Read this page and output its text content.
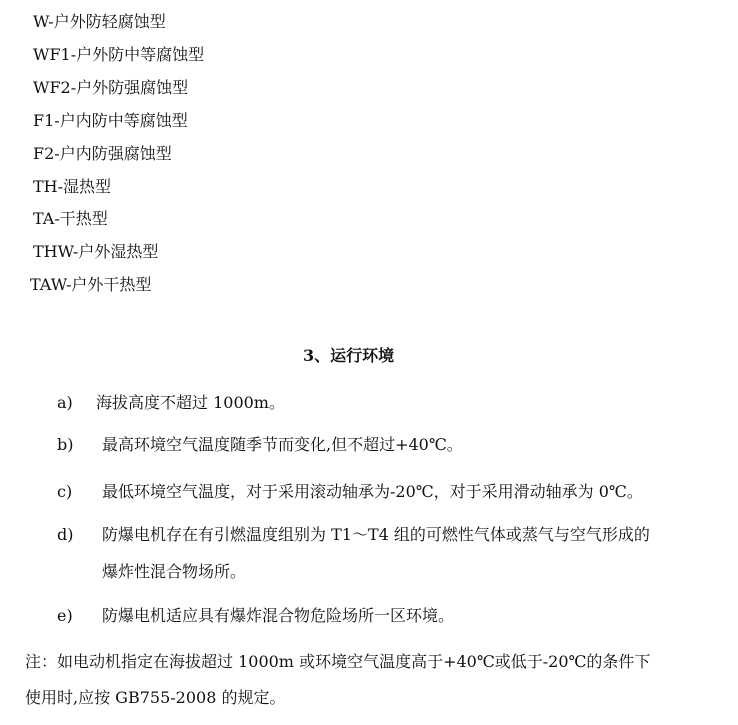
W-户外防轻腐蚀型
WF1-户外防中等腐蚀型
WF2-户外防强腐蚀型
F1-户内防中等腐蚀型
F2-户内防强腐蚀型
TH-湿热型
TA-干热型
THW-户外湿热型
TAW-户外干热型
3、运行环境
a) 海拔高度不超过 1000m。
b) 最高环境空气温度随季节而变化,但不超过+40℃。
c) 最低环境空气温度，对于采用滚动轴承为-20℃，对于采用滑动轴承为 0℃。
d) 防爆电机存在有引燃温度组别为 T1～T4 组的可燃性气体或蒸气与空气形成的
爆炸性混合物场所。
e) 防爆电机适应具有爆炸混合物危险场所一区环境。
注：如电动机指定在海拔超过 1000m 或环境空气温度高于+40℃或低于-20℃的条件下
使用时,应按 GB755-2008 的规定。
